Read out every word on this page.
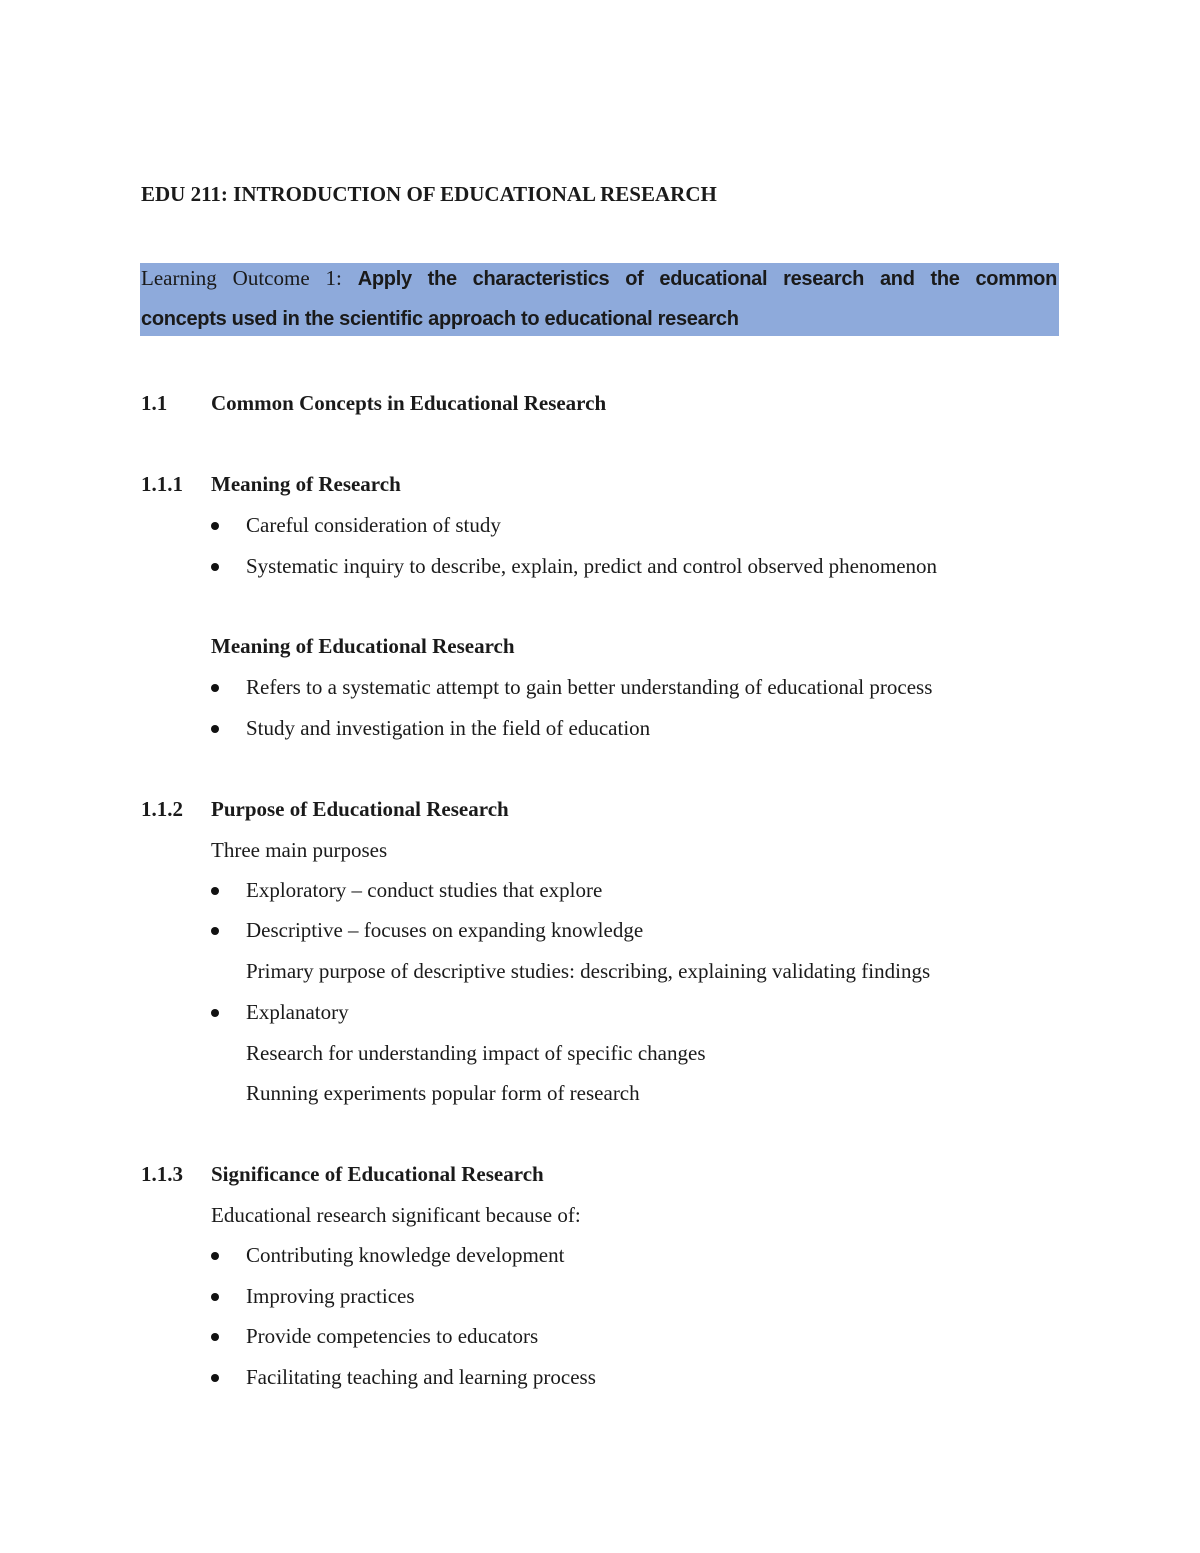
EDU 211: INTRODUCTION OF EDUCATIONAL RESEARCH
Learning Outcome 1: Apply the characteristics of educational research and the common
concepts used in the scientific approach to educational research
1.1 Common Concepts in Educational Research
1.1.1 Meaning of Research
Careful consideration of study
Systematic inquiry to describe, explain, predict and control observed phenomenon
Meaning of Educational Research
Refers to a systematic attempt to gain better understanding of educational process
Study and investigation in the field of education
1.1.2 Purpose of Educational Research
Three main purposes
Exploratory – conduct studies that explore
Descriptive – focuses on expanding knowledge
Primary purpose of descriptive studies: describing, explaining validating findings
Explanatory
Research for understanding impact of specific changes
Running experiments popular form of research
1.1.3 Significance of Educational Research
Educational research significant because of:
Contributing knowledge development
Improving practices
Provide competencies to educators
Facilitating teaching and learning process
